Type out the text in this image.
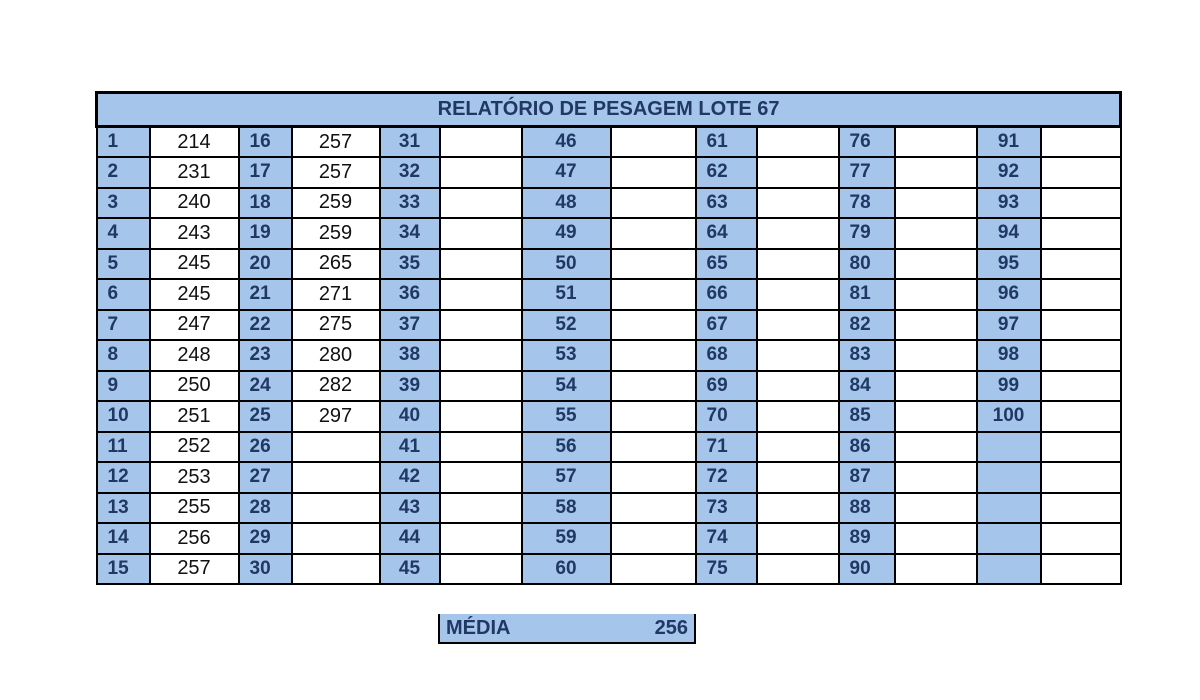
RELATÓRIO DE PESAGEM LOTE 67													
1	214	16	257	31		46		61		76		91	
2	231	17	257	32		47		62		77		92	
3	240	18	259	33		48		63		78		93	
4	243	19	259	34		49		64		79		94	
5	245	20	265	35		50		65		80		95	
6	245	21	271	36		51		66		81		96	
7	247	22	275	37		52		67		82		97	
8	248	23	280	38		53		68		83		98	
9	250	24	282	39		54		69		84		99	
10	251	25	297	40		55		70		85		100	
11	252	26		41		56		71		86			
12	253	27		42		57		72		87			
13	255	28		43		58		73		88			
14	256	29		44		59		74		89			
15	257	30		45		60		75		90			
MÉDIA	256
